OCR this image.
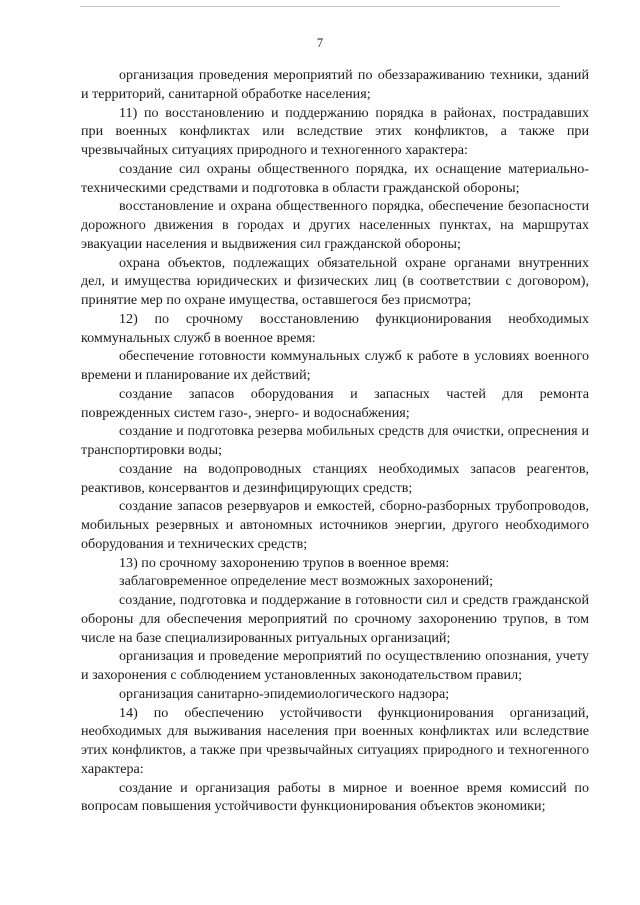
7

организация проведения мероприятий по обеззараживанию техники, зданий и территорий, санитарной обработке населения;

11) по восстановлению и поддержанию порядка в районах, пострадавших при военных конфликтах или вследствие этих конфликтов, а также при чрезвычайных ситуациях природного и техногенного характера:

создание сил охраны общественного порядка, их оснащение материально-техническими средствами и подготовка в области гражданской обороны;

восстановление и охрана общественного порядка, обеспечение безопасности дорожного движения в городах и других населенных пунктах, на маршрутах эвакуации населения и выдвижения сил гражданской обороны;

охрана объектов, подлежащих обязательной охране органами внутренних дел, и имущества юридических и физических лиц (в соответствии с договором), принятие мер по охране имущества, оставшегося без присмотра;

12) по срочному восстановлению функционирования необходимых коммунальных служб в военное время:

обеспечение готовности коммунальных служб к работе в условиях военного времени и планирование их действий;

создание запасов оборудования и запасных частей для ремонта поврежденных систем газо-, энерго- и водоснабжения;

создание и подготовка резерва мобильных средств для очистки, опреснения и транспортировки воды;

создание на водопроводных станциях необходимых запасов реагентов, реактивов, консервантов и дезинфицирующих средств;

создание запасов резервуаров и емкостей, сборно-разборных трубопроводов, мобильных резервных и автономных источников энергии, другого необходимого оборудования и технических средств;

13) по срочному захоронению трупов в военное время:

заблаговременное определение мест возможных захоронений;

создание, подготовка и поддержание в готовности сил и средств гражданской обороны для обеспечения мероприятий по срочному захоронению трупов, в том числе на базе специализированных ритуальных организаций;

организация и проведение мероприятий по осуществлению опознания, учету и захоронения с соблюдением установленных законодательством правил;

организация санитарно-эпидемиологического надзора;

14) по обеспечению устойчивости функционирования организаций, необходимых для выживания населения при военных конфликтах или вследствие этих конфликтов, а также при чрезвычайных ситуациях природного и техногенного характера:

создание и организация работы в мирное и военное время комиссий по вопросам повышения устойчивости функционирования объектов экономики;
